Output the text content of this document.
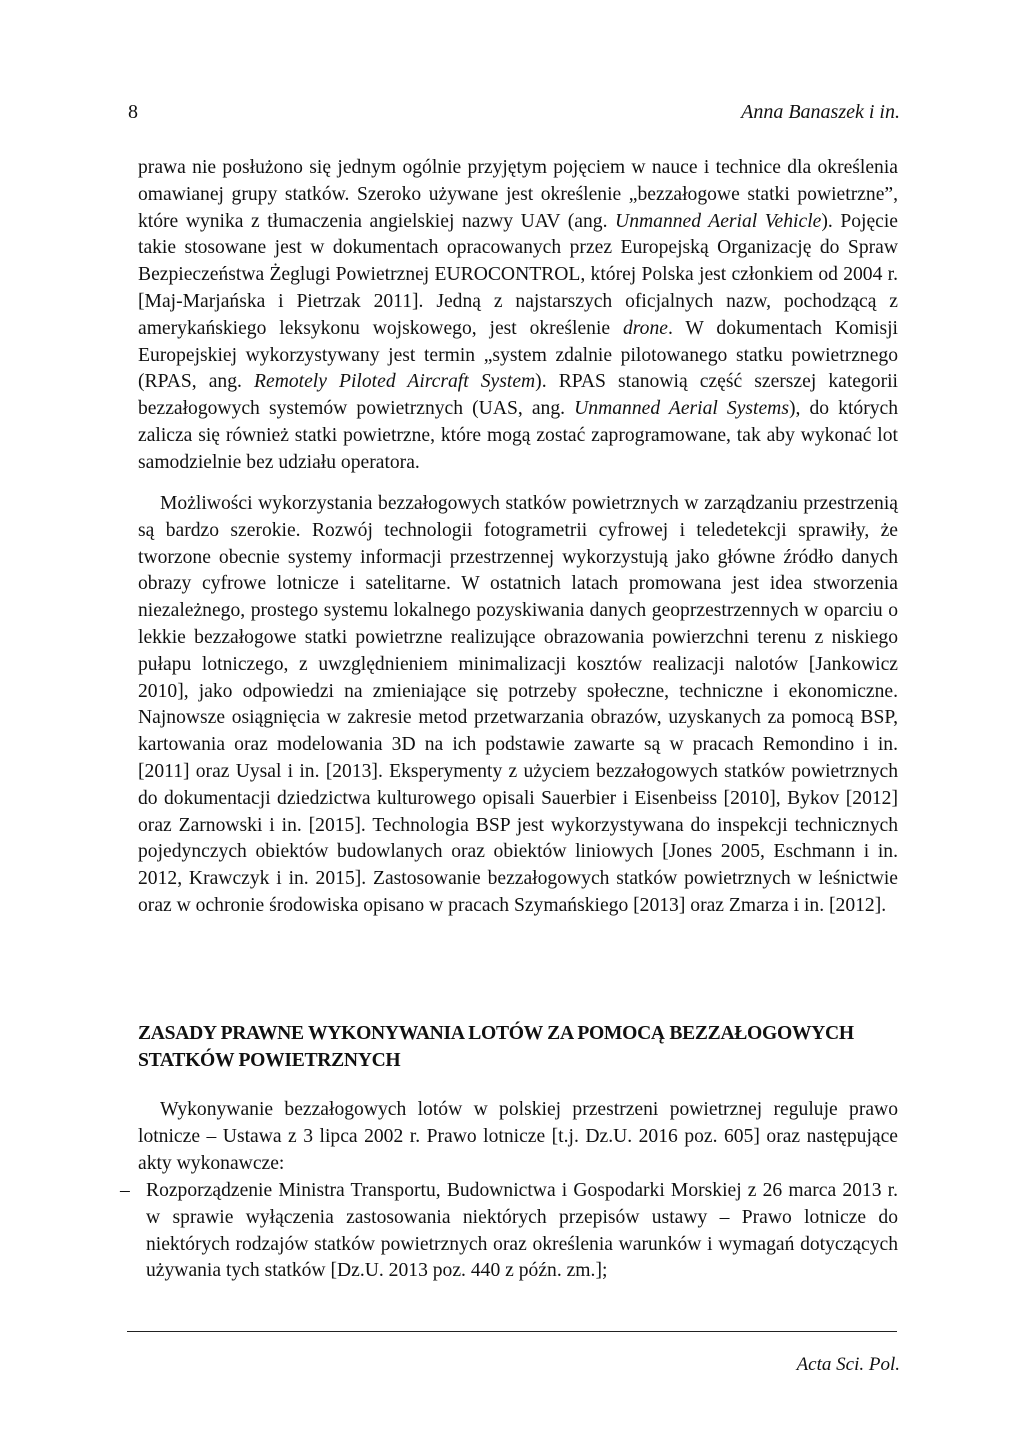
8	Anna Banaszek i in.
prawa nie posłużono się jednym ogólnie przyjętym pojęciem w nauce i technice dla określenia omawianej grupy statków. Szeroko używane jest określenie „bezzałogowe statki powietrzne”, które wynika z tłumaczenia angielskiej nazwy UAV (ang. Unmanned Aerial Vehicle). Pojęcie takie stosowane jest w dokumentach opracowanych przez Europejską Organizację do Spraw Bezpieczeństwa Żeglugi Powietrznej EUROCONTROL, której Polska jest członkiem od 2004 r. [Maj-Marjańska i Pietrzak 2011]. Jedną z najstarszych oficjalnych nazw, pochodzącą z amerykańskiego leksykonu wojskowego, jest określenie drone. W dokumentach Komisji Europejskiej wykorzystywany jest termin „system zdalnie pilotowanego statku powietrznego (RPAS, ang. Remotely Piloted Aircraft System). RPAS stanowią część szerszej kategorii bezzałogowych systemów powietrznych (UAS, ang. Unmanned Aerial Systems), do których zalicza się również statki powietrzne, które mogą zostać zaprogramowane, tak aby wykonać lot samodzielnie bez udziału operatora.
Możliwości wykorzystania bezzałogowych statków powietrznych w zarządzaniu przestrzenią są bardzo szerokie. Rozwój technologii fotogrametrii cyfrowej i teledetekcji sprawiły, że tworzone obecnie systemy informacji przestrzennej wykorzystują jako główne źródło danych obrazy cyfrowe lotnicze i satelitarne. W ostatnich latach promowana jest idea stworzenia niezależnego, prostego systemu lokalnego pozyskiwania danych geoprzestrzennych w oparciu o lekkie bezzałogowe statki powietrzne realizujące obrazowania powierzchni terenu z niskiego pułapu lotniczego, z uwzględnieniem minimalizacji kosztów realizacji nalotów [Jankowicz 2010], jako odpowiedzi na zmieniające się potrzeby społeczne, techniczne i ekonomiczne. Najnowsze osiągnięcia w zakresie metod przetwarzania obrazów, uzyskanych za pomocą BSP, kartowania oraz modelowania 3D na ich podstawie zawarte są w pracach Remondino i in. [2011] oraz Uysal i in. [2013]. Eksperymenty z użyciem bezzałogowych statków powietrznych do dokumentacji dziedzictwa kulturowego opisali Sauerbier i Eisenbeiss [2010], Bykov [2012] oraz Zarnowski i in. [2015]. Technologia BSP jest wykorzystywana do inspekcji technicznych pojedynczych obiektów budowlanych oraz obiektów liniowych [Jones 2005, Eschmann i in. 2012, Krawczyk i in. 2015]. Zastosowanie bezzałogowych statków powietrznych w leśnictwie oraz w ochronie środowiska opisano w pracach Szymańskiego [2013] oraz Zmarza i in. [2012].
ZASADY PRAWNE WYKONYWANIA LOTÓW ZA POMOCĄ BEZZAŁOGOWYCH STATKÓW POWIETRZNYCH
Wykonywanie bezzałogowych lotów w polskiej przestrzeni powietrznej reguluje prawo lotnicze – Ustawa z 3 lipca 2002 r. Prawo lotnicze [t.j. Dz.U. 2016 poz. 605] oraz następujące akty wykonawcze:
– Rozporządzenie Ministra Transportu, Budownictwa i Gospodarki Morskiej z 26 marca 2013 r. w sprawie wyłączenia zastosowania niektórych przepisów ustawy – Prawo lotnicze do niektórych rodzajów statków powietrznych oraz określenia warunków i wymagań dotyczących używania tych statków [Dz.U. 2013 poz. 440 z późn. zm.];
Acta Sci. Pol.
